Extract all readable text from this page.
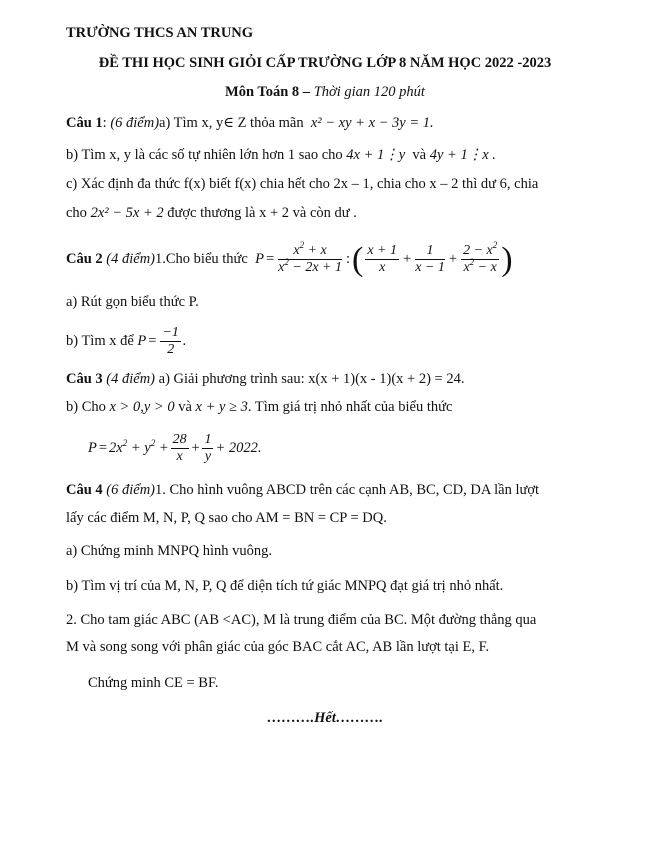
TRƯỜNG THCS AN TRUNG
ĐỀ THI HỌC SINH GIỎI CẤP TRƯỜNG LỚP 8 NĂM HỌC 2022 -2023
Môn Toán 8 – Thời gian 120 phút
Câu 1: (6 điểm)a) Tìm x, y∈ Z thỏa mãn x² − xy + x − 3y = 1.
b) Tìm x, y là các số tự nhiên lớn hơn 1 sao cho 4x + 1⋮y và 4y + 1⋮x .
c) Xác định đa thức f(x) biết f(x) chia hết cho 2x – 1, chia cho x – 2 thì dư 6, chia
cho 2x² − 5x + 2 được thương là x + 2 và còn dư .
Câu 2 (4 điểm)1.Cho biểu thức  $P = \frac{x^2 + x}{x^2 - 2x + 1}$ :( $\frac{x + 1}{x} + \frac{1}{x - 1} + \frac{2 - x^2}{x^2 - x}$ )
a) Rút gọn biểu thức P.
b) Tìm x để $P = \frac{-1}{2}$ .
Câu 3 (4 điểm) a) Giải phương trình sau: x(x + 1)(x - 1)(x + 2) = 24.
b) Cho x > 0,y > 0 và x + y ≥ 3. Tìm giá trị nhỏ nhất của biểu thức
$P = 2x^2 + y^2 + \frac{28}{x} + \frac{1}{y} + 2022$.
Câu 4 (6 điểm)1. Cho hình vuông ABCD trên các cạnh AB, BC, CD, DA lần lượt
lấy các điểm M, N, P, Q sao cho AM = BN = CP = DQ.
a) Chứng minh MNPQ hình vuông.
b) Tìm vị trí của M, N, P, Q để diện tích tứ giác MNPQ đạt giá trị nhỏ nhất.
2. Cho tam giác ABC (AB <AC), M là trung điểm của BC. Một đường thẳng qua
M và song song với phân giác của góc BAC cắt AC, AB lần lượt tại E, F.
Chứng minh CE = BF.
……….Hết……….
